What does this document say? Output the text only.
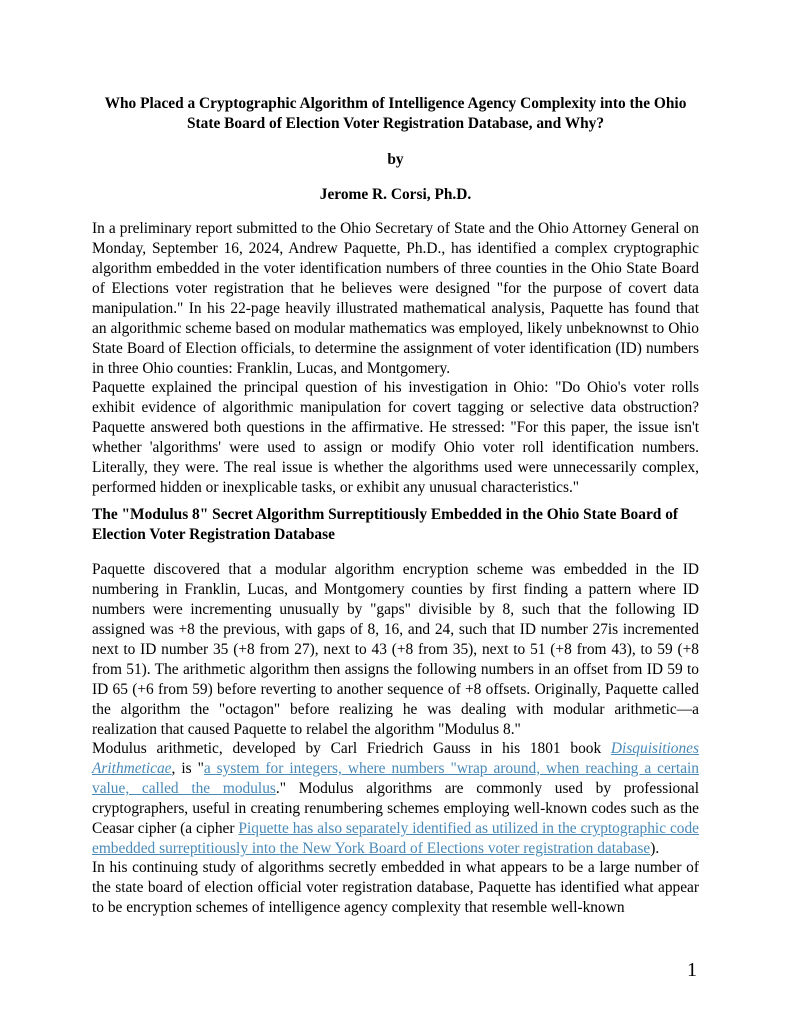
Who Placed a Cryptographic Algorithm of Intelligence Agency Complexity into the Ohio
State Board of Election Voter Registration Database, and Why?

by

Jerome R. Corsi, Ph.D.

In a preliminary report submitted to the Ohio Secretary of State and the Ohio Attorney General on Monday, September 16, 2024, Andrew Paquette, Ph.D., has identified a complex cryptographic algorithm embedded in the voter identification numbers of three counties in the Ohio State Board of Elections voter registration that he believes were designed "for the purpose of covert data manipulation." In his 22-page heavily illustrated mathematical analysis, Paquette has found that an algorithmic scheme based on modular mathematics was employed, likely unbeknownst to Ohio State Board of Election officials, to determine the assignment of voter identification (ID) numbers in three Ohio counties: Franklin, Lucas, and Montgomery.

Paquette explained the principal question of his investigation in Ohio: "Do Ohio's voter rolls exhibit evidence of algorithmic manipulation for covert tagging or selective data obstruction? Paquette answered both questions in the affirmative. He stressed: "For this paper, the issue isn't whether 'algorithms' were used to assign or modify Ohio voter roll identification numbers. Literally, they were. The real issue is whether the algorithms used were unnecessarily complex, performed hidden or inexplicable tasks, or exhibit any unusual characteristics."

The "Modulus 8" Secret Algorithm Surreptitiously Embedded in the Ohio State Board of Election Voter Registration Database

Paquette discovered that a modular algorithm encryption scheme was embedded in the ID numbering in Franklin, Lucas, and Montgomery counties by first finding a pattern where ID numbers were incrementing unusually by "gaps" divisible by 8, such that the following ID assigned was +8 the previous, with gaps of 8, 16, and 24, such that ID number 27is incremented next to ID number 35 (+8 from 27), next to 43 (+8 from 35), next to 51 (+8 from 43), to 59 (+8 from 51). The arithmetic algorithm then assigns the following numbers in an offset from ID 59 to ID 65 (+6 from 59) before reverting to another sequence of +8 offsets. Originally, Paquette called the algorithm the "octagon" before realizing he was dealing with modular arithmetic—a realization that caused Paquette to relabel the algorithm "Modulus 8."

Modulus arithmetic, developed by Carl Friedrich Gauss in his 1801 book Disquisitiones Arithmeticae, is "a system for integers, where numbers "wrap around, when reaching a certain value, called the modulus." Modulus algorithms are commonly used by professional cryptographers, useful in creating renumbering schemes employing well-known codes such as the Ceasar cipher (a cipher Piquette has also separately identified as utilized in the cryptographic code embedded surreptitiously into the New York Board of Elections voter registration database).

In his continuing study of algorithms secretly embedded in what appears to be a large number of the state board of election official voter registration database, Paquette has identified what appear to be encryption schemes of intelligence agency complexity that resemble well-known

1
